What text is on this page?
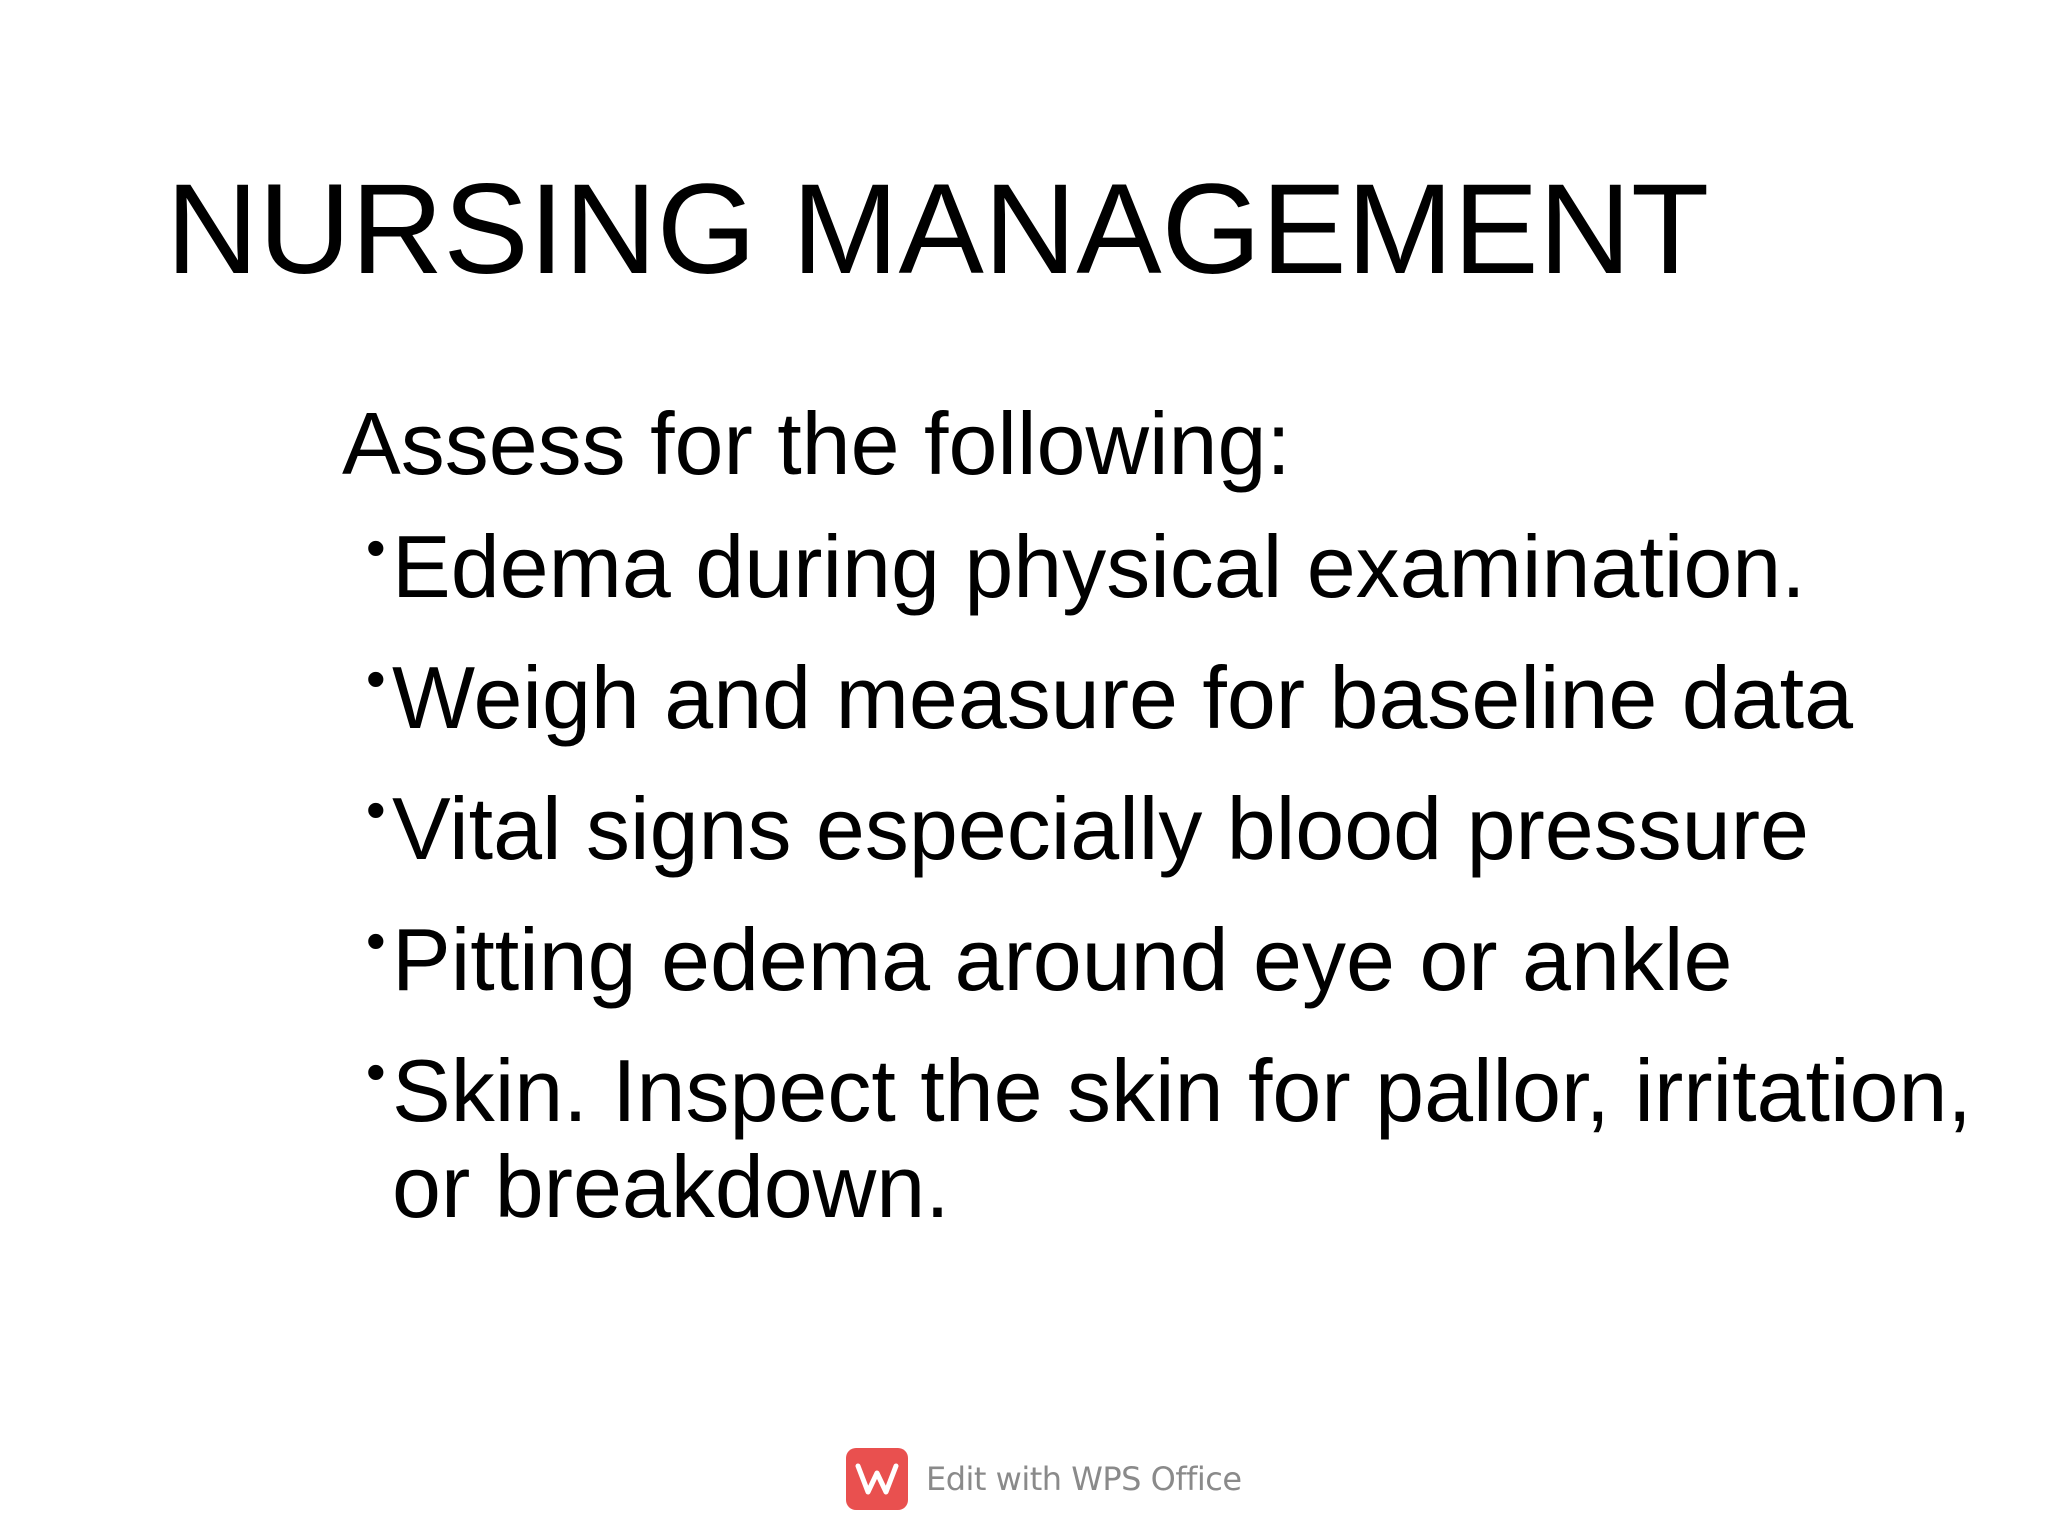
NURSING MANAGEMENT

Assess for the following:

•Edema during physical examination.
•Weigh and measure for baseline data
•Vital signs especially blood pressure
•Pitting edema around eye or ankle
•Skin. Inspect the skin for pallor, irritation, or breakdown.
Edit with WPS Office
